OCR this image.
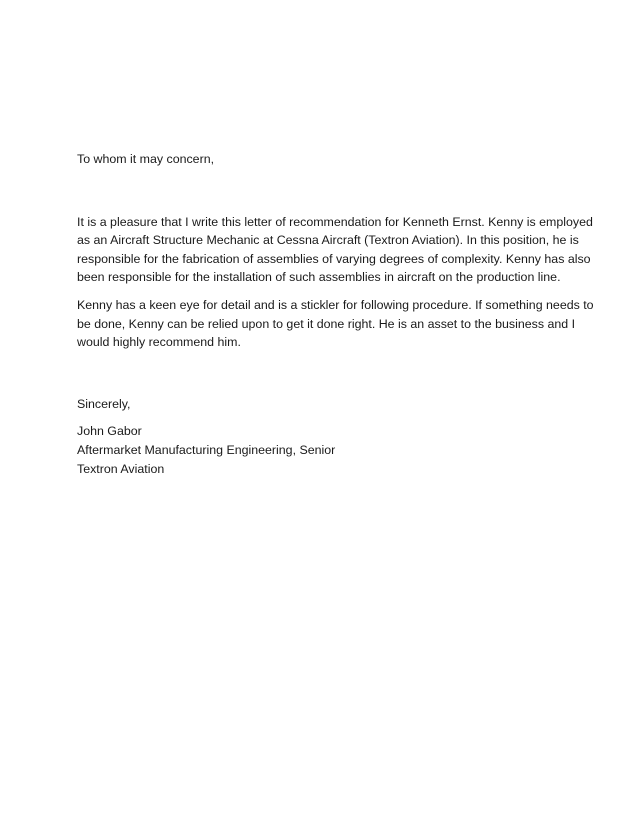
To whom it may concern,

It is a pleasure that I write this letter of recommendation for Kenneth Ernst. Kenny is employed
as an Aircraft Structure Mechanic at Cessna Aircraft (Textron Aviation). In this position, he is
responsible for the fabrication of assemblies of varying degrees of complexity. Kenny has also
been responsible for the installation of such assemblies in aircraft on the production line.
Kenny has a keen eye for detail and is a stickler for following procedure. If something needs to
be done, Kenny can be relied upon to get it done right. He is an asset to the business and I
would highly recommend him.

Sincerely,

John Gabor
Aftermarket Manufacturing Engineering, Senior
Textron Aviation
